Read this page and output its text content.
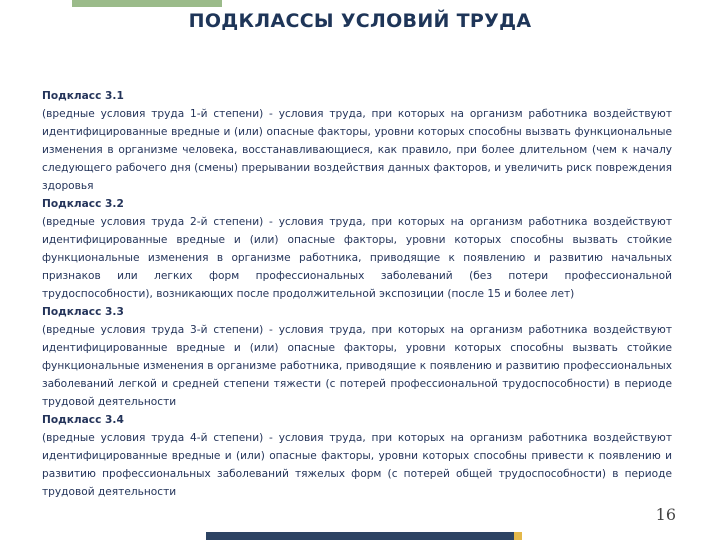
ПОДКЛАССЫ УСЛОВИЙ ТРУДА
Подкласс 3.1
(вредные условия труда 1-й степени) - условия труда, при которых на организм работника воздействуют идентифицированные вредные и (или) опасные факторы, уровни которых способны вызвать функциональные изменения в организме человека, восстанавливающиеся, как правило, при более длительном (чем к началу следующего рабочего дня (смены) прерывании воздействия данных факторов, и увеличить риск повреждения здоровья
Подкласс 3.2
(вредные условия труда 2-й степени) - условия труда, при которых на организм работника воздействуют идентифицированные вредные и (или) опасные факторы, уровни которых способны вызвать стойкие функциональные изменения в организме работника, приводящие к появлению и развитию начальных признаков или легких форм профессиональных заболеваний (без потери профессиональной трудоспособности), возникающих после продолжительной экспозиции (после 15 и более лет)
Подкласс 3.3
(вредные условия труда 3-й степени) - условия труда, при которых на организм работника воздействуют идентифицированные вредные и (или) опасные факторы, уровни которых способны вызвать стойкие функциональные изменения в организме работника, приводящие к появлению и развитию профессиональных заболеваний легкой и средней степени тяжести (с потерей профессиональной трудоспособности) в периоде трудовой деятельности
Подкласс 3.4
(вредные условия труда 4-й степени) - условия труда, при которых на организм работника воздействуют идентифицированные вредные и (или) опасные факторы, уровни которых способны привести к появлению и развитию профессиональных заболеваний тяжелых форм (с потерей общей трудоспособности) в периоде трудовой деятельности
16
